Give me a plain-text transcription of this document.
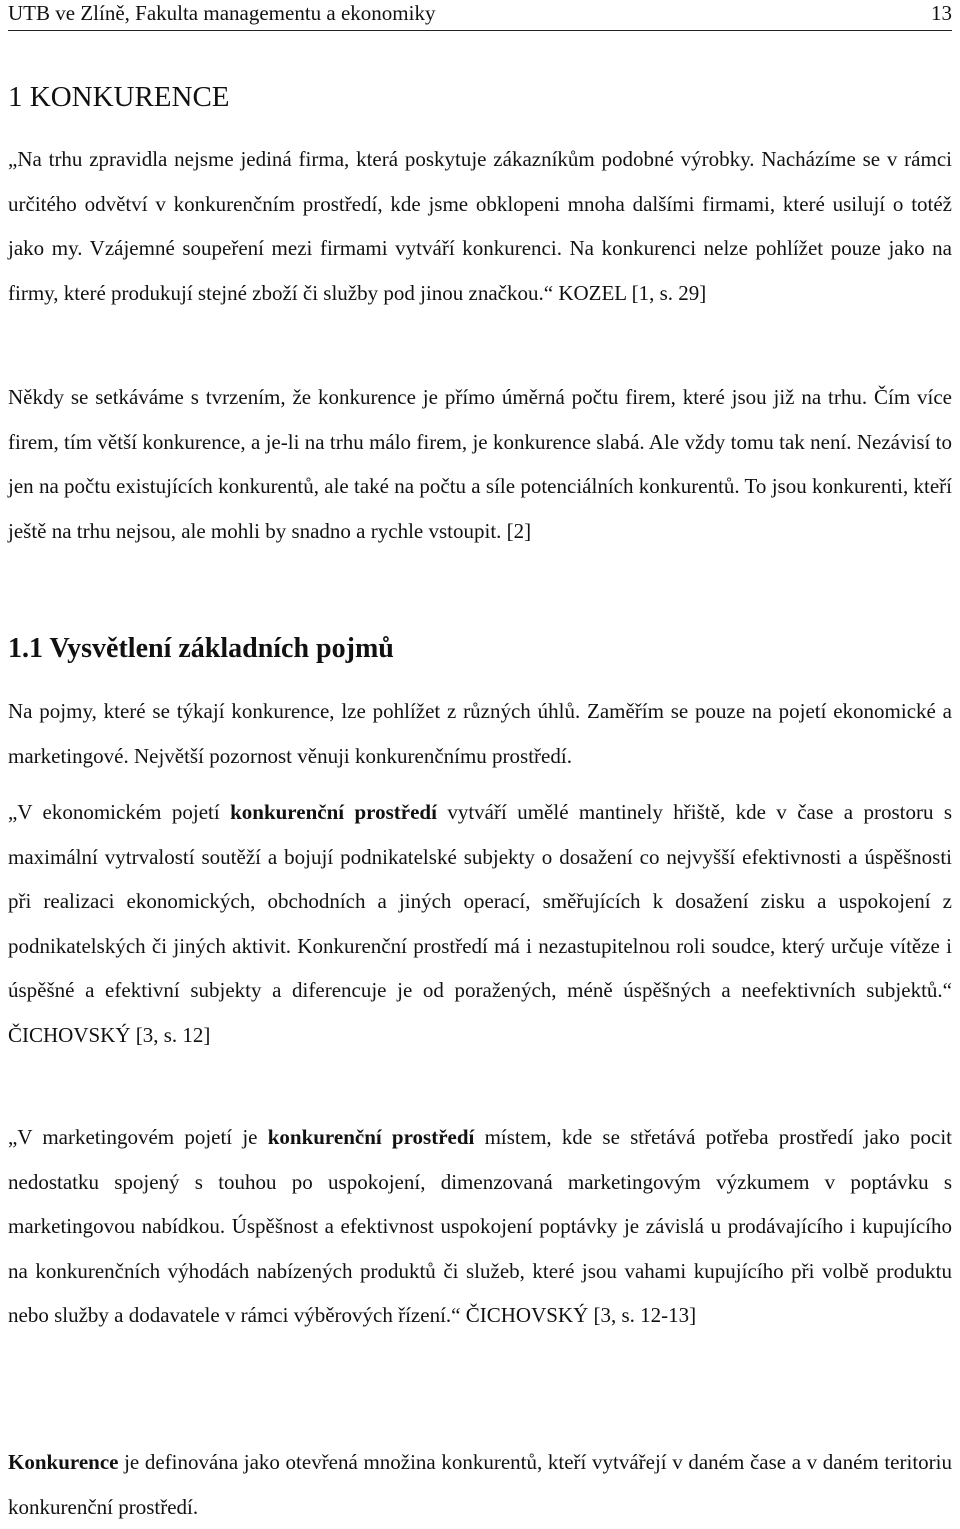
UTB ve Zlíně, Fakulta managementu a ekonomiky	13
1 KONKURENCE

„Na trhu zpravidla nejsme jediná firma, která poskytuje zákazníkům podobné výrobky. Nacházíme se v rámci určitého odvětví v konkurenčním prostředí, kde jsme obklopeni mnoha dalšími firmami, které usilují o totéž jako my. Vzájemné soupeření mezi firmami vytváří konkurenci. Na konkurenci nelze pohlížet pouze jako na firmy, které produkují stejné zboží či služby pod jinou značkou.“ KOZEL [1, s. 29]

Někdy se setkáváme s tvrzením, že konkurence je přímo úměrná počtu firem, které jsou již na trhu. Čím více firem, tím větší konkurence, a je-li na trhu málo firem, je konkurence slabá. Ale vždy tomu tak není. Nezávisí to jen na počtu existujících konkurentů, ale také na počtu a síle potenciálních konkurentů. To jsou konkurenti, kteří ještě na trhu nejsou, ale mohli by snadno a rychle vstoupit. [2]

1.1 Vysvětlení základních pojmů

Na pojmy, které se týkají konkurence, lze pohlížet z různých úhlů. Zaměřím se pouze na pojetí ekonomické a marketingové. Největší pozornost věnuji konkurenčnímu prostředí.

„V ekonomickém pojetí konkurenční prostředí vytváří umělé mantinely hřiště, kde v čase a prostoru s maximální vytrvalostí soutěží a bojují podnikatelské subjekty o dosažení co nejvyšší efektivnosti a úspěšnosti při realizaci ekonomických, obchodních a jiných operací, směřujících k dosažení zisku a uspokojení z podnikatelských či jiných aktivit. Konkurenční prostředí má i nezastupitelnou roli soudce, který určuje vítěze i úspěšné a efektivní subjekty a diferencuje je od poražených, méně úspěšných a neefektivních subjektů.“ ČICHOVSKÝ [3, s. 12]

„V marketingovém pojetí je konkurenční prostředí místem, kde se střetává potřeba prostředí jako pocit nedostatku spojený s touhou po uspokojení, dimenzovaná marketingovým výzkumem v poptávku s marketingovou nabídkou. Úspěšnost a efektivnost uspokojení poptávky je závislá u prodávajícího i kupujícího na konkurenčních výhodách nabízených produktů či služeb, které jsou vahami kupujícího při volbě produktu nebo služby a dodavatele v rámci výběrových řízení.“ ČICHOVSKÝ [3, s. 12-13]

Konkurence je definována jako otevřená množina konkurentů, kteří vytvářejí v daném čase a v daném teritoriu konkurenční prostředí.
